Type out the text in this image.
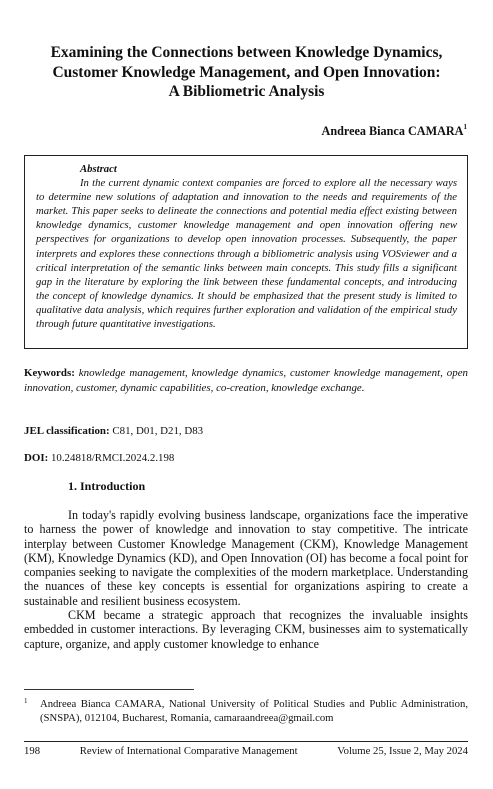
Examining the Connections between Knowledge Dynamics,
Customer Knowledge Management, and Open Innovation:
A Bibliometric Analysis
Andreea Bianca CAMARA$^1$
Abstract

In the current dynamic context companies are forced to explore all the necessary ways to determine new solutions of adaptation and innovation to the needs and requirements of the market. This paper seeks to delineate the connections and potential media effect existing between knowledge dynamics, customer knowledge management and open innovation offering new perspectives for organizations to develop open innovation processes. Subsequently, the paper interprets and explores these connections through a bibliometric analysis using VOSviewer and a critical interpretation of the semantic links between main concepts. This study fills a significant gap in the literature by exploring the link between these fundamental concepts, and introducing the concept of knowledge dynamics. It should be emphasized that the present study is limited to qualitative data analysis, which requires further exploration and validation of the empirical study through future quantitative investigations.

Keywords: knowledge management, knowledge dynamics, customer knowledge management, open innovation, customer, dynamic capabilities, co-creation, knowledge exchange.

JEL classification: C81, D01, D21, D83

DOI: 10.24818/RMCI.2024.2.198

1. Introduction

In today's rapidly evolving business landscape, organizations face the imperative to harness the power of knowledge and innovation to stay competitive. The intricate interplay between Customer Knowledge Management (CKM), Knowledge Management (KM), Knowledge Dynamics (KD), and Open Innovation (OI) has become a focal point for companies seeking to navigate the complexities of the modern marketplace. Understanding the nuances of these key concepts is essential for organizations aspiring to create a sustainable and resilient business ecosystem.

CKM became a strategic approach that recognizes the invaluable insights embedded in customer interactions. By leveraging CKM, businesses aim to systematically capture, organize, and apply customer knowledge to enhance

1 Andreea Bianca CAMARA, National University of Political Studies and Public Administration, (SNSPA), 012104, Bucharest, Romania, camaraandreea@gmail.com

198	Review of International Comparative Management	Volume 25, Issue 2, May 2024
